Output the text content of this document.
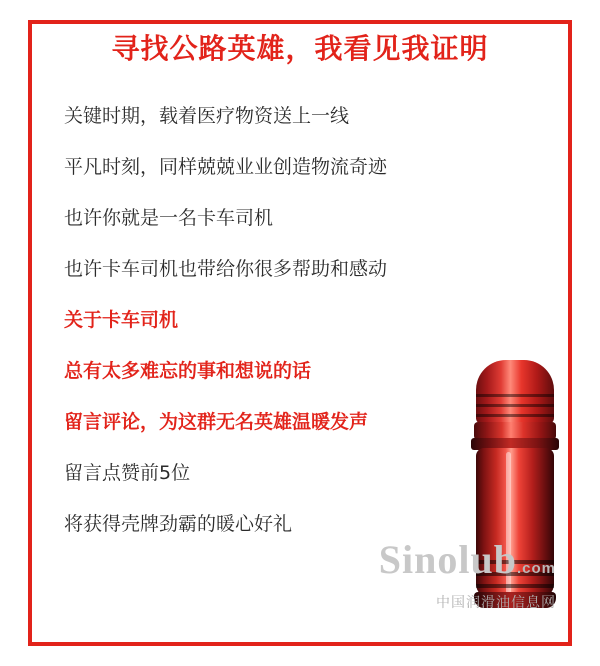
寻找公路英雄，我看见我证明
关键时期，载着医疗物资送上一线
平凡时刻，同样兢兢业业创造物流奇迹
也许你就是一名卡车司机
也许卡车司机也带给你很多帮助和感动
关于卡车司机
总有太多难忘的事和想说的话
留言评论，为这群无名英雄温暖发声
留言点赞前5位
将获得壳牌劲霸的暖心好礼
Sinolub.com
中国润滑油信息网
